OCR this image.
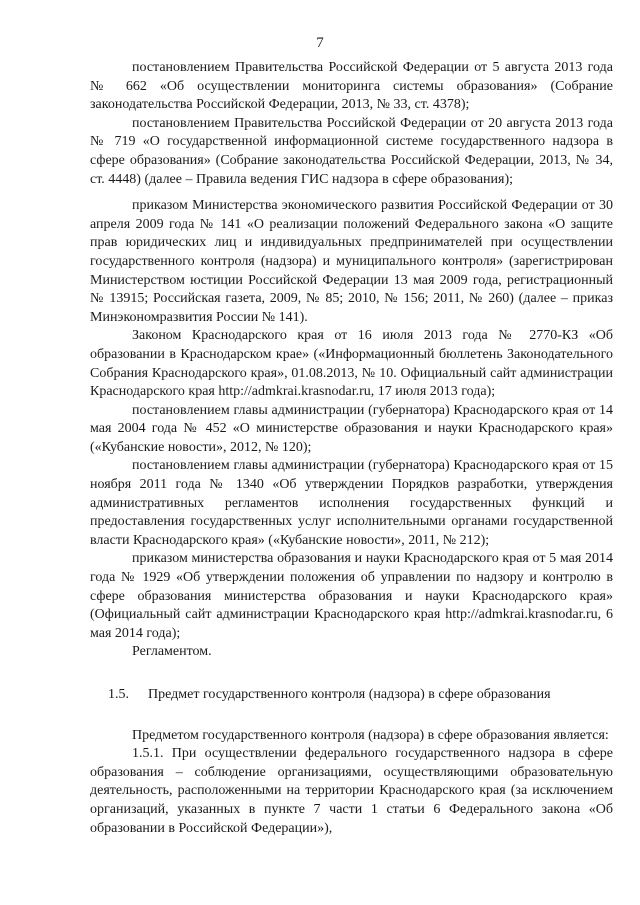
7

постановлением Правительства Российской Федерации от 5 августа 2013 года № 662 «Об осуществлении мониторинга системы образования» (Собрание законодательства Российской Федерации, 2013, № 33, ст. 4378);

постановлением Правительства Российской Федерации от 20 августа 2013 года № 719 «О государственной информационной системе государственного надзора в сфере образования» (Собрание законодательства Российской Федерации, 2013, № 34, ст. 4448) (далее – Правила ведения ГИС надзора в сфере образования);

приказом Министерства экономического развития Российской Федерации от 30 апреля 2009 года № 141 «О реализации положений Федерального закона «О защите прав юридических лиц и индивидуальных предпринимателей при осуществлении государственного контроля (надзора) и муниципального контроля» (зарегистрирован Министерством юстиции Российской Федерации 13 мая 2009 года, регистрационный № 13915; Российская газета, 2009, № 85; 2010, № 156; 2011, № 260) (далее – приказ Минэкономразвития России № 141).

Законом Краснодарского края от 16 июля 2013 года № 2770-КЗ «Об образовании в Краснодарском крае» («Информационный бюллетень Законодательного Собрания Краснодарского края», 01.08.2013, № 10. Официальный сайт администрации Краснодарского края http://admkrai.krasnodar.ru, 17 июля 2013 года);

постановлением главы администрации (губернатора) Краснодарского края от 14 мая 2004 года № 452 «О министерстве образования и науки Краснодарского края» («Кубанские новости», 2012, № 120);

постановлением главы администрации (губернатора) Краснодарского края от 15 ноября 2011 года № 1340 «Об утверждении Порядков разработки, утверждения административных регламентов исполнения государственных функций и предоставления государственных услуг исполнительными органами государственной власти Краснодарского края» («Кубанские новости», 2011, № 212);

приказом министерства образования и науки Краснодарского края от 5 мая 2014 года № 1929 «Об утверждении положения об управлении по надзору и контролю в сфере образования министерства образования и науки Краснодарского края» (Официальный сайт администрации Краснодарского края http://admkrai.krasnodar.ru, 6 мая 2014 года);

Регламентом.

1.5. Предмет государственного контроля (надзора) в сфере образования

Предметом государственного контроля (надзора) в сфере образования является:

1.5.1. При осуществлении федерального государственного надзора в сфере образования – соблюдение организациями, осуществляющими образовательную деятельность, расположенными на территории Краснодарского края (за исключением организаций, указанных в пункте 7 части 1 статьи 6 Федерального закона «Об образовании в Российской Федерации»),
